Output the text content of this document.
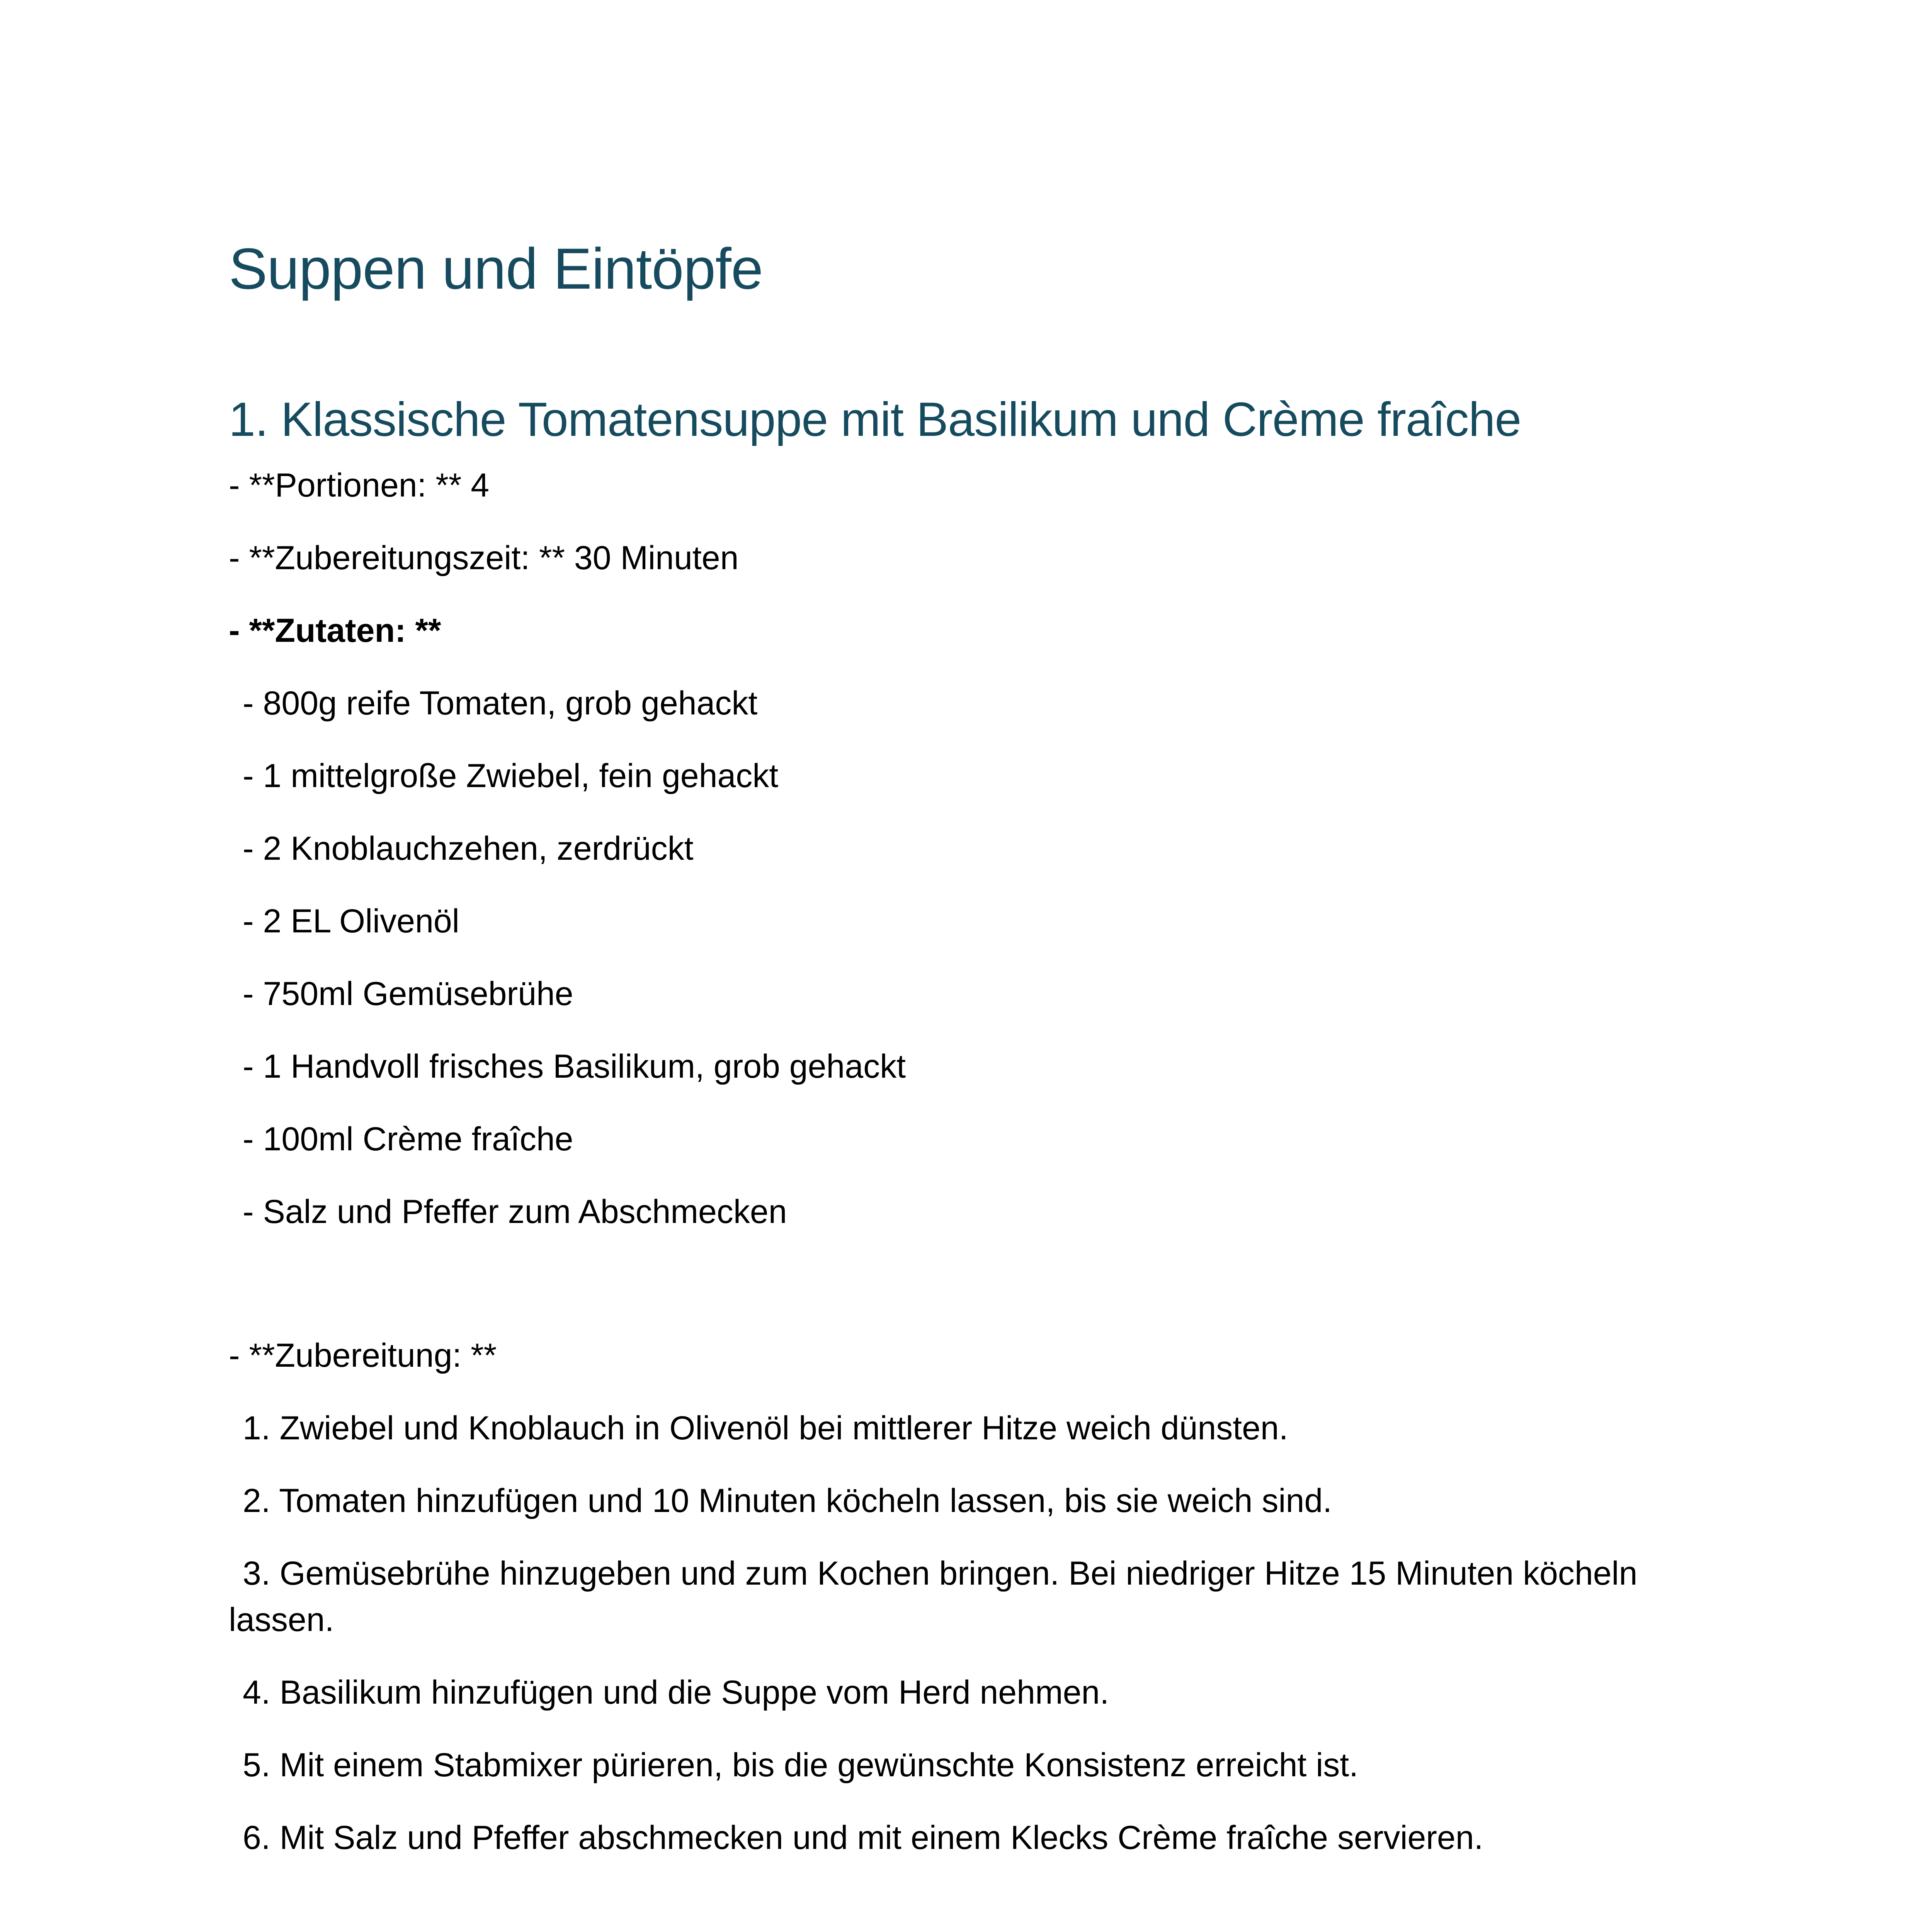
Suppen und Eintöpfe
1. Klassische Tomatensuppe mit Basilikum und Crème fraîche

- **Portionen: ** 4

- **Zubereitungszeit: ** 30 Minuten

- **Zutaten: **

- 800g reife Tomaten, grob gehackt

- 1 mittelgroße Zwiebel, fein gehackt

- 2 Knoblauchzehen, zerdrückt

- 2 EL Olivenöl

- 750ml Gemüsebrühe

- 1 Handvoll frisches Basilikum, grob gehackt

- 100ml Crème fraîche

- Salz und Pfeffer zum Abschmecken

- **Zubereitung: **

1. Zwiebel und Knoblauch in Olivenöl bei mittlerer Hitze weich dünsten.

2. Tomaten hinzufügen und 10 Minuten köcheln lassen, bis sie weich sind.

3. Gemüsebrühe hinzugeben und zum Kochen bringen. Bei niedriger Hitze 15 Minuten köcheln lassen.

4. Basilikum hinzufügen und die Suppe vom Herd nehmen.

5. Mit einem Stabmixer pürieren, bis die gewünschte Konsistenz erreicht ist.

6. Mit Salz und Pfeffer abschmecken und mit einem Klecks Crème fraîche servieren.
